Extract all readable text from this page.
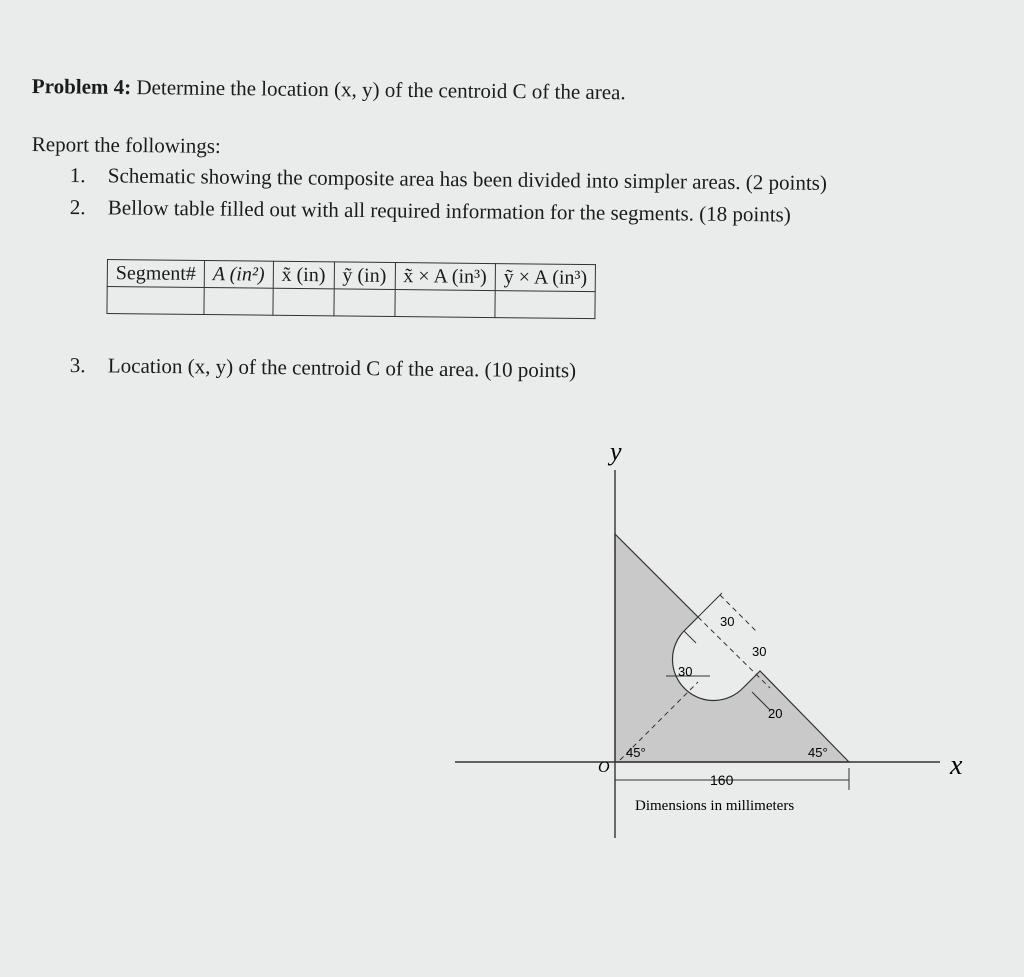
Problem 4: Determine the location (x, y) of the centroid C of the area.
Report the followings:
1. Schematic showing the composite area has been divided into simpler areas. (2 points)
2. Bellow table filled out with all required information for the segments. (18 points)
Segment#	A (in²)	x̃ (in)	ỹ (in)	x̃ × A (in³)	ỹ × A (in³)

3. Location (x, y) of the centroid C of the area. (10 points)
y
x
O
30
30
30
20
45°	45°
160
Dimensions in millimeters
